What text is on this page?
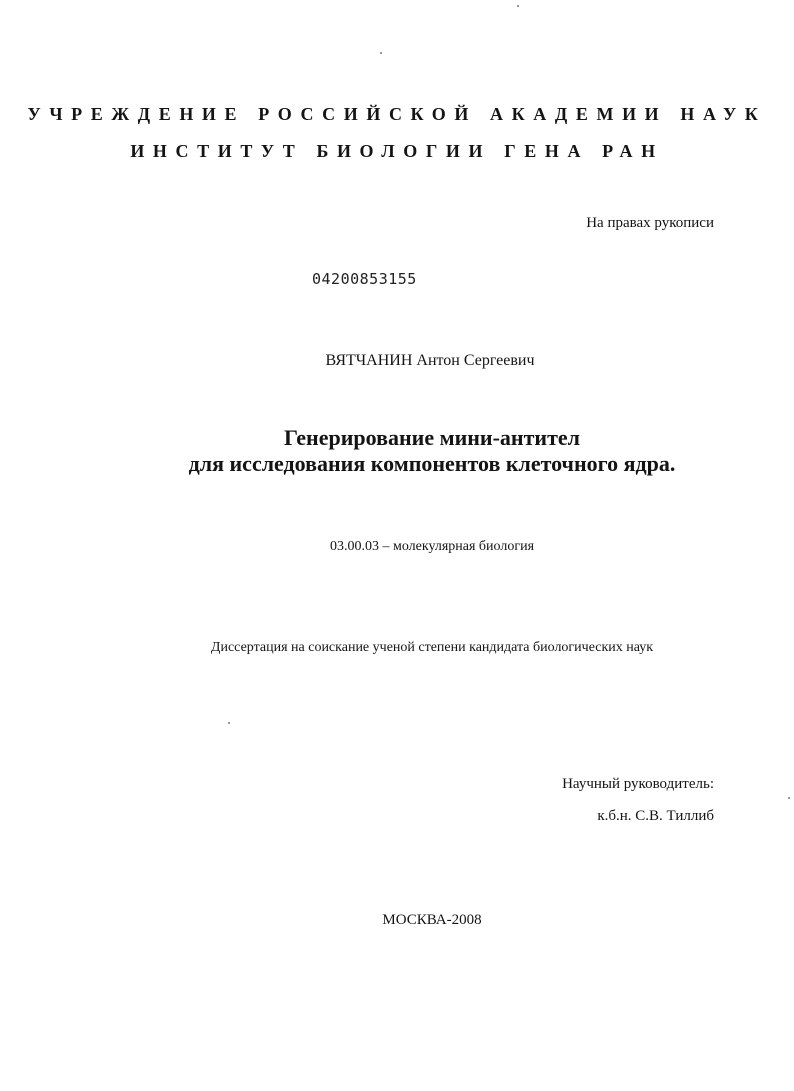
УЧРЕЖДЕНИЕ РОССИЙСКОЙ АКАДЕМИИ НАУК
ИНСТИТУТ БИОЛОГИИ ГЕНА РАН
На правах рукописи
04200853155
ВЯТЧАНИН Антон Сергеевич
Генерирование мини-антител
для исследования компонентов клеточного ядра.
03.00.03 – молекулярная биология
Диссертация на соискание ученой степени кандидата биологических наук
Научный руководитель:
к.б.н. С.В. Тиллиб
МОСКВА-2008
